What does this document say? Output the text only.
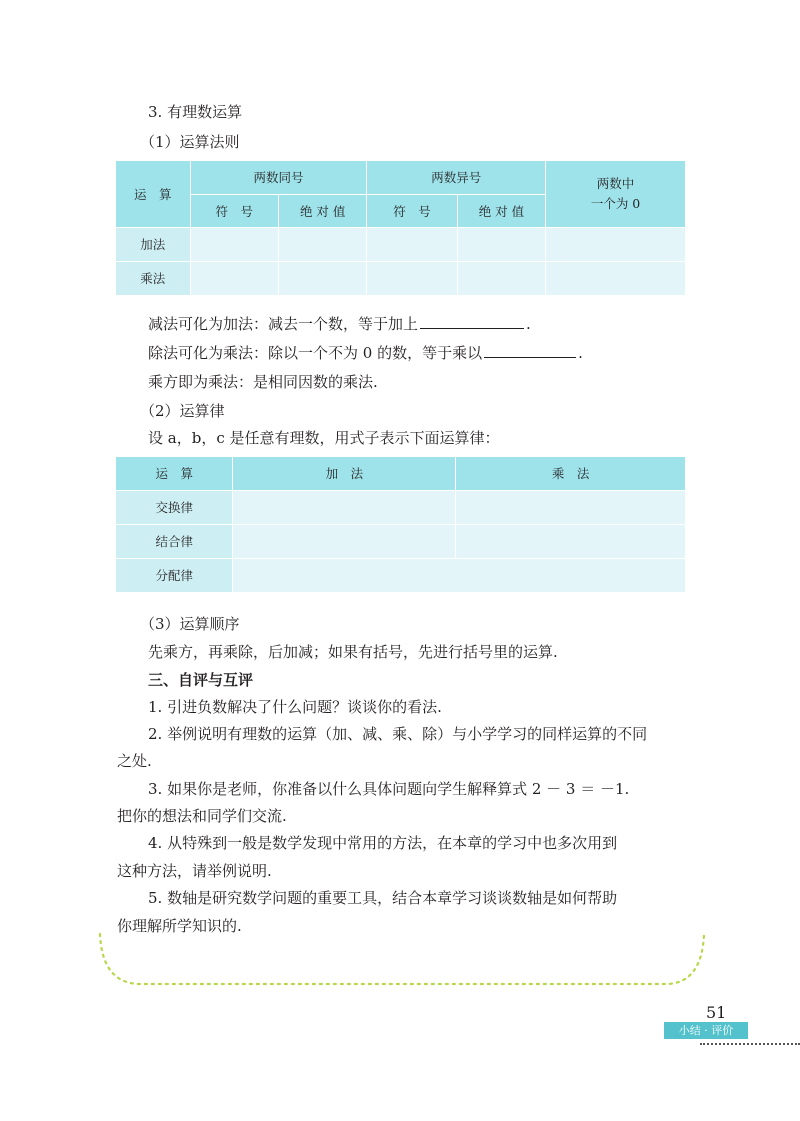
3. 有理数运算
（1）运算法则
运　算	两数同号		两数异号		两数中
一个为 0

	符　号	绝 对 值	符　号	绝 对 值	
加法					
乘法					
减法可化为加法：减去一个数，等于加上	.
除法可化为乘法：除以一个不为 0 的数，等于乘以	.
乘方即为乘法：是相同因数的乘法.
（2）运算律
设 a，b，c 是任意有理数，用式子表示下面运算律：
运　算	加　法	乘　法
交换律		
结合律		
分配律		
（3）运算顺序
先乘方，再乘除，后加减；如果有括号，先进行括号里的运算.
三、自评与互评
1. 引进负数解决了什么问题？谈谈你的看法.
2. 举例说明有理数的运算（加、减、乘、除）与小学学习的同样运算的不同
之处.
3. 如果你是老师，你准备以什么具体问题向学生解释算式 2 － 3 ＝ －1.
把你的想法和同学们交流.
4. 从特殊到一般是数学发现中常用的方法，在本章的学习中也多次用到
这种方法，请举例说明.
5. 数轴是研究数学问题的重要工具，结合本章学习谈谈数轴是如何帮助
你理解所学知识的.
51
小结 · 评价
